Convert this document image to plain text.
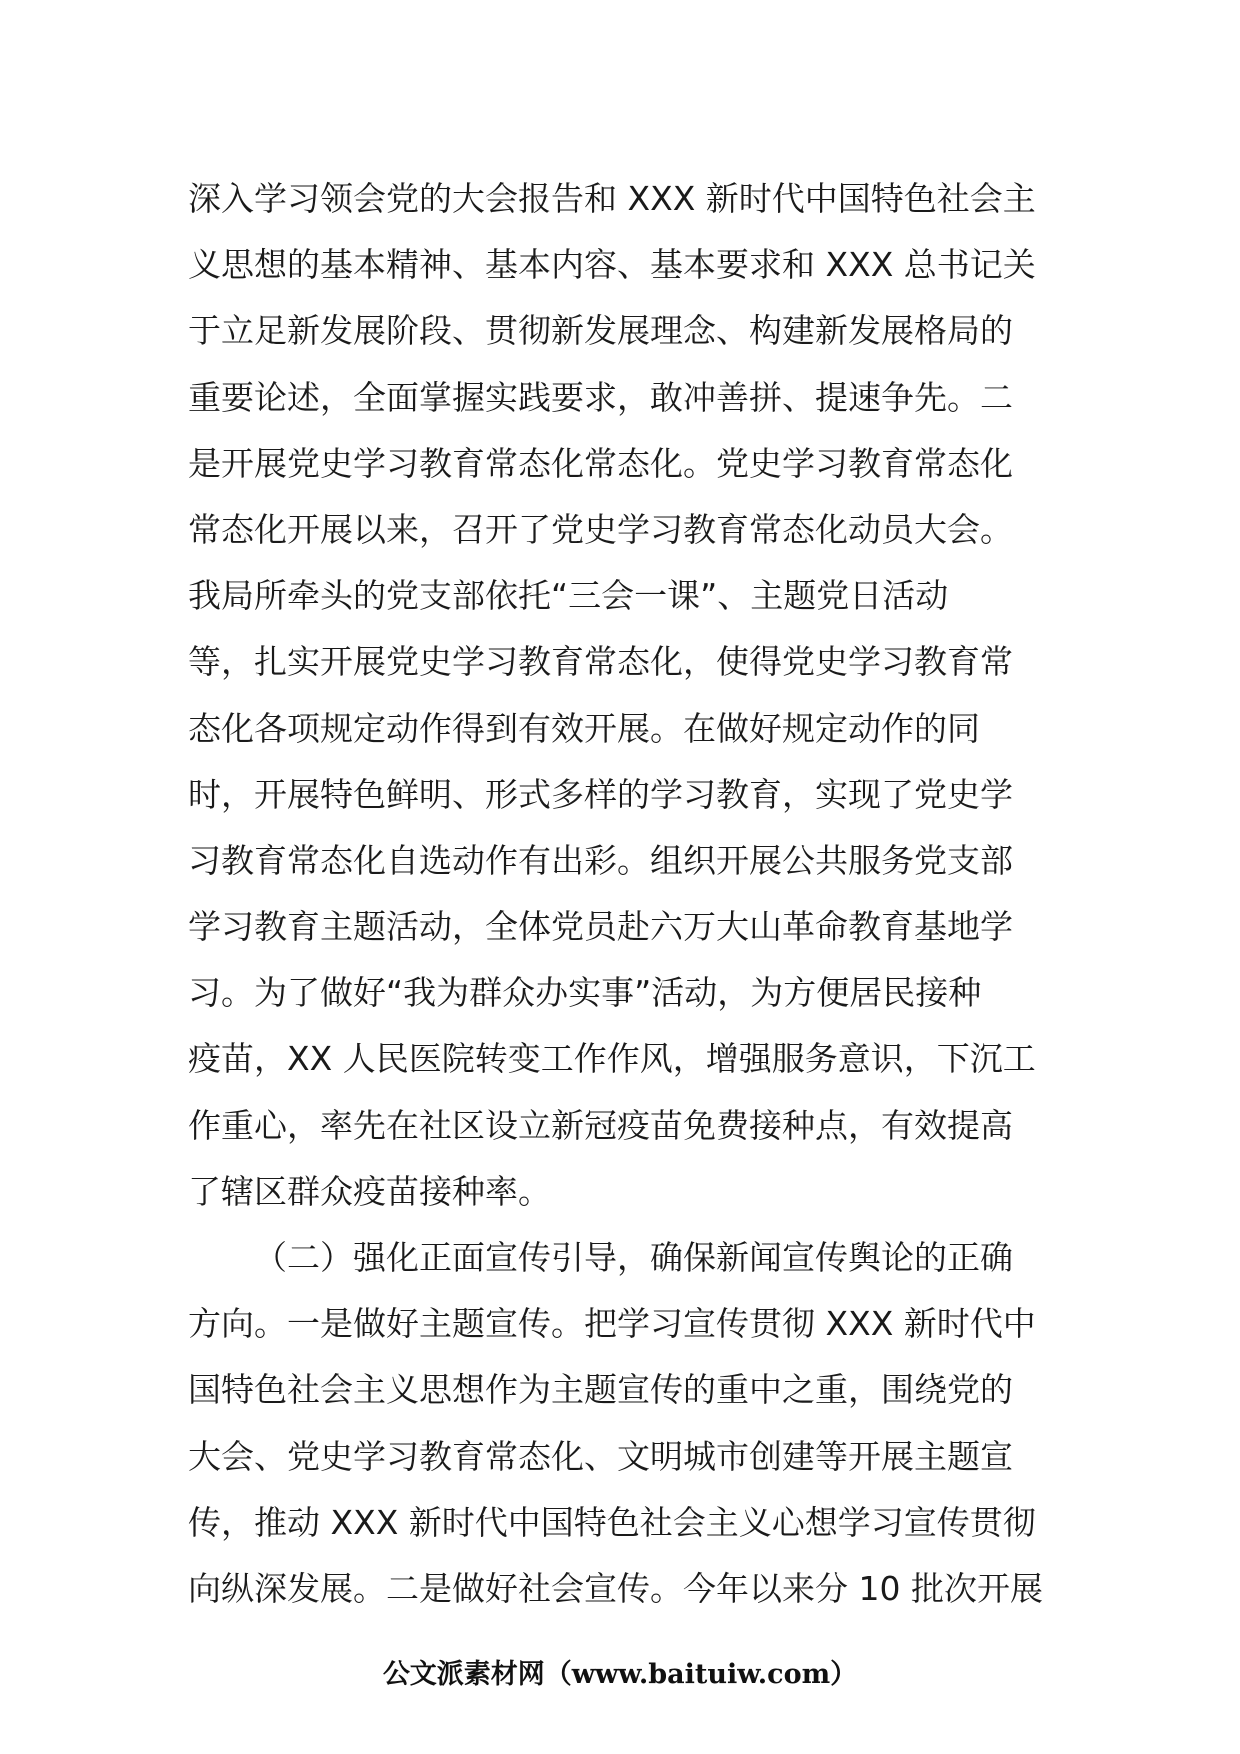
深入学习领会党的大会报告和 XXX 新时代中国特色社会主
义思想的基本精神、基本内容、基本要求和 XXX 总书记关
于立足新发展阶段、贯彻新发展理念、构建新发展格局的
重要论述，全面掌握实践要求，敢冲善拼、提速争先。二
是开展党史学习教育常态化常态化。党史学习教育常态化
常态化开展以来，召开了党史学习教育常态化动员大会。
我局所牵头的党支部依托“三会一课”、主题党日活动
等，扎实开展党史学习教育常态化，使得党史学习教育常
态化各项规定动作得到有效开展。在做好规定动作的同
时，开展特色鲜明、形式多样的学习教育，实现了党史学
习教育常态化自选动作有出彩。组织开展公共服务党支部
学习教育主题活动，全体党员赴六万大山革命教育基地学
习。为了做好“我为群众办实事”活动，为方便居民接种
疫苗，XX 人民医院转变工作作风，增强服务意识，下沉工
作重心，率先在社区设立新冠疫苗免费接种点，有效提高
了辖区群众疫苗接种率。
（二）强化正面宣传引导，确保新闻宣传舆论的正确
方向。一是做好主题宣传。把学习宣传贯彻 XXX 新时代中
国特色社会主义思想作为主题宣传的重中之重，围绕党的
大会、党史学习教育常态化、文明城市创建等开展主题宣
传，推动 XXX 新时代中国特色社会主义心想学习宣传贯彻
向纵深发展。二是做好社会宣传。今年以来分 10 批次开展
公文派素材网（www.baituiw.com）
